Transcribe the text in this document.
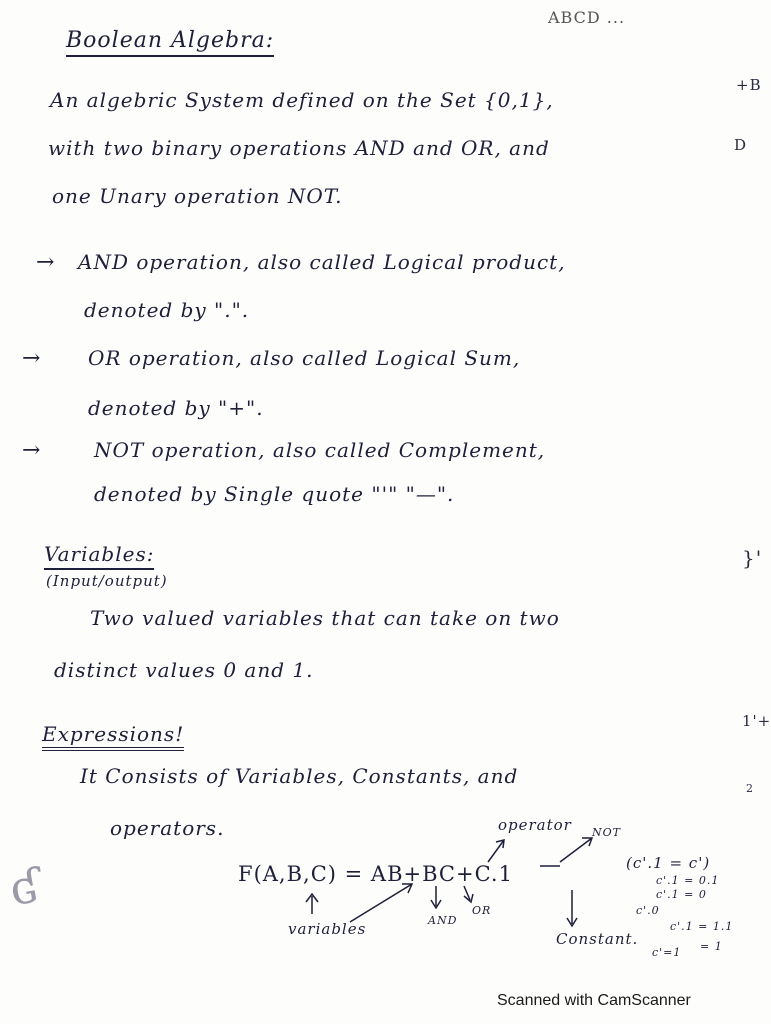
ABCD ...
Boolean Algebra:
An algebric System defined on the Set {0,1},
with two binary operations AND and OR, and
one Unary operation NOT.
→ AND operation, also called Logical product,
denoted by ".".
→ OR operation, also called Logical Sum,
denoted by "+".
→	NOT operation, also called Complement,
denoted by Single quote "'" "—".
Variables:
(Input/output)
Two valued variables that can take on two
distinct values 0 and 1.
Expressions!
It Consists of Variables, Constants, and
operators.
F(A,B,C) = AB+BC+C.1
operator NOT
variables	AND
OR
Constant.
(c'.1 = c')
c'.1 = 0.1
c'.1 = 0
c'.0
c'.1 = 1.1
c'=1 = 1
+B
D
}'
1'+
2
ʛ
Scanned with CamScanner
